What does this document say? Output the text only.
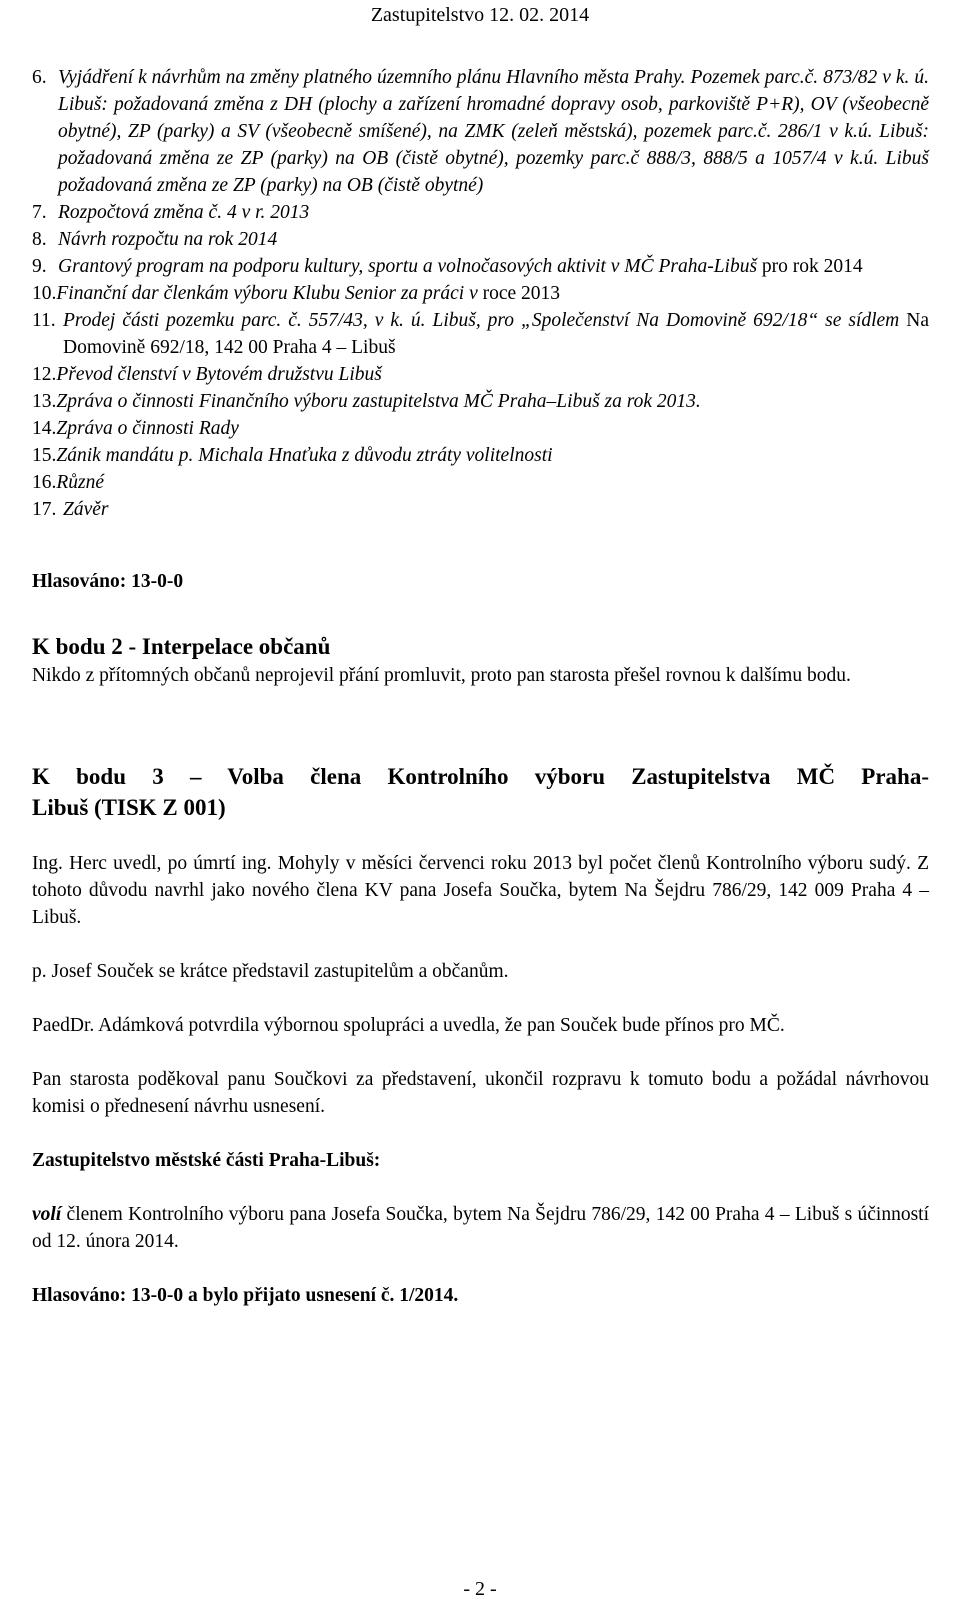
Zastupitelstvo 12. 02. 2014
6. Vyjádření k návrhům na změny platného územního plánu Hlavního města Prahy. Pozemek parc.č. 873/82 v k. ú. Libuš: požadovaná změna z DH (plochy a zařízení hromadné dopravy osob, parkoviště P+R), OV (všeobecně obytné), ZP (parky) a SV (všeobecně smíšené), na ZMK (zeleň městská), pozemek parc.č. 286/1 v k.ú. Libuš: požadovaná změna ze ZP (parky) na OB (čistě obytné), pozemky parc.č 888/3, 888/5 a 1057/4 v k.ú. Libuš požadovaná změna ze ZP (parky) na OB (čistě obytné)
7. Rozpočtová změna č. 4 v r. 2013
8. Návrh rozpočtu na rok 2014
9. Grantový program na podporu kultury, sportu a volnočasových aktivit v MČ Praha-Libuš pro rok 2014
10. Finanční dar členkám výboru Klubu Senior za práci v roce 2013
11. Prodej části pozemku parc. č. 557/43, v k. ú. Libuš, pro „Společenství Na Domovině 692/18“ se sídlem Na Domovině 692/18, 142 00 Praha 4 – Libuš
12. Převod členství v Bytovém družstvu Libuš
13. Zpráva o činnosti Finančního výboru zastupitelstva MČ Praha–Libuš za rok 2013.
14. Zpráva o činnosti Rady
15. Zánik mandátu p. Michala Hnaťuka z důvodu ztráty volitelnosti
16. Různé
17. Závěr
Hlasováno: 13-0-0
K bodu 2 - Interpelace občanů
Nikdo z přítomných občanů neprojevil přání promluvit, proto pan starosta přešel rovnou k dalšímu bodu.
K bodu 3 – Volba člena Kontrolního výboru Zastupitelstva MČ Praha-
Libuš (TISK Z 001)
Ing. Herc uvedl, po úmrtí ing. Mohyly v měsíci červenci roku 2013 byl počet členů Kontrolního výboru sudý. Z tohoto důvodu navrhl jako nového člena KV pana Josefa Součka, bytem Na Šejdru 786/29, 142 009 Praha 4 – Libuš.
p. Josef Souček se krátce představil zastupitelům a občanům.
PaedDr. Adámková potvrdila výbornou spolupráci a uvedla, že pan Souček bude přínos pro MČ.
Pan starosta poděkoval panu Součkovi za představení, ukončil rozpravu k tomuto bodu a požádal návrhovou komisi o přednesení návrhu usnesení.
Zastupitelstvo městské části Praha-Libuš:
volí členem Kontrolního výboru pana Josefa Součka, bytem Na Šejdru 786/29, 142 00 Praha 4 – Libuš s účinností od 12. února 2014.
Hlasováno: 13-0-0 a bylo přijato usnesení č. 1/2014.
- 2 -
